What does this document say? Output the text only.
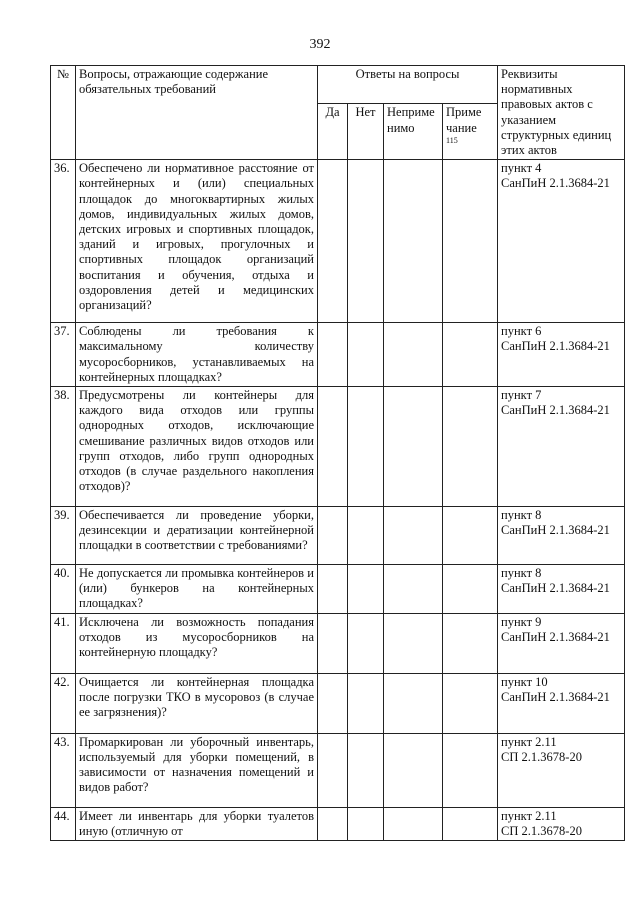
392
№	Вопросы, отражающие содержание обязательных требований	Ответы на вопросы				Реквизиты нормативных правовых актов с указанием структурных единиц этих актов
		Да	Нет	Неприме нимо	Приме чание
115	

36.	Обеспечено ли нормативное расстояние от контейнерных и (или) специальных площадок до многоквартирных жилых домов, индивидуальных жилых домов, детских игровых и спортивных площадок, зданий и игровых, прогулочных и спортивных площадок организаций воспитания и обучения, отдыха и оздоровления детей и медицинских организаций?					пункт 4
СанПиН 2.1.3684-21
37.	Соблюдены ли требования к максимальному количеству мусоросборников, устанавливаемых на контейнерных площадках?					пункт 6
СанПиН 2.1.3684-21
38.	Предусмотрены ли контейнеры для каждого вида отходов или группы однородных отходов, исключающие смешивание различных видов отходов или групп отходов, либо групп однородных отходов (в случае раздельного накопления отходов)?					пункт 7
СанПиН 2.1.3684-21
39.	Обеспечивается ли проведение уборки, дезинсекции и дератизации контейнерной площадки в соответствии с требованиями?					пункт 8
СанПиН 2.1.3684-21
40.	Не допускается ли промывка контейнеров и (или) бункеров на контейнерных площадках?					пункт 8
СанПиН 2.1.3684-21
41.	Исключена ли возможность попадания отходов из мусоросборников на контейнерную площадку?					пункт 9
СанПиН 2.1.3684-21
42.	Очищается ли контейнерная площадка после погрузки ТКО в мусоровоз (в случае ее загрязнения)?					пункт 10
СанПиН 2.1.3684-21
43.	Промаркирован ли уборочный инвентарь, используемый для уборки помещений, в зависимости от назначения помещений и видов работ?					пункт 2.11
СП 2.1.3678-20
44.	Имеет ли инвентарь для уборки туалетов иную (отличную от					пункт 2.11
СП 2.1.3678-20
